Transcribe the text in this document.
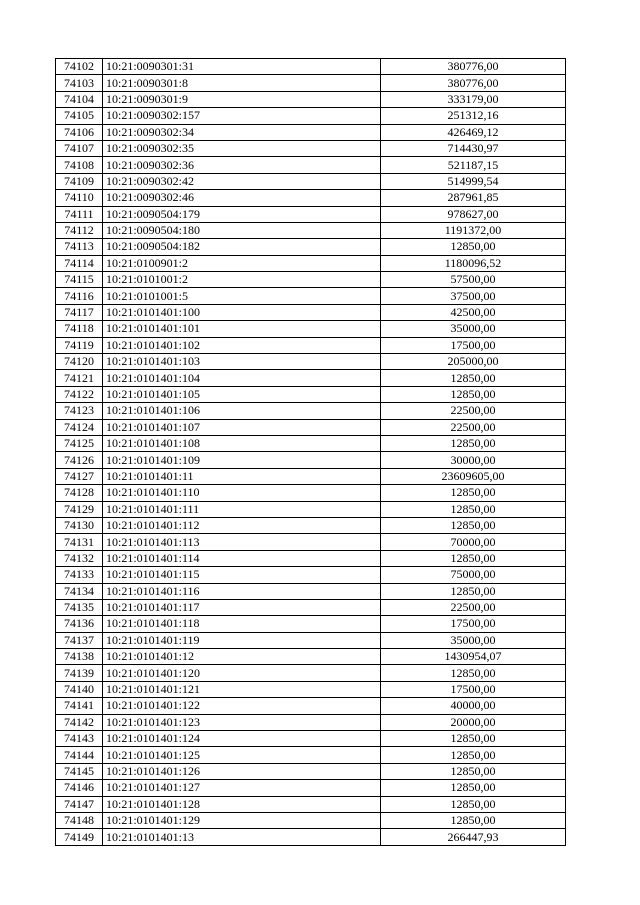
74102	10:21:0090301:31	380776,00
74103	10:21:0090301:8	380776,00
74104	10:21:0090301:9	333179,00
74105	10:21:0090302:157	251312,16
74106	10:21:0090302:34	426469,12
74107	10:21:0090302:35	714430,97
74108	10:21:0090302:36	521187,15
74109	10:21:0090302:42	514999,54
74110	10:21:0090302:46	287961,85
74111	10:21:0090504:179	978627,00
74112	10:21:0090504:180	1191372,00
74113	10:21:0090504:182	12850,00
74114	10:21:0100901:2	1180096,52
74115	10:21:0101001:2	57500,00
74116	10:21:0101001:5	37500,00
74117	10:21:0101401:100	42500,00
74118	10:21:0101401:101	35000,00
74119	10:21:0101401:102	17500,00
74120	10:21:0101401:103	205000,00
74121	10:21:0101401:104	12850,00
74122	10:21:0101401:105	12850,00
74123	10:21:0101401:106	22500,00
74124	10:21:0101401:107	22500,00
74125	10:21:0101401:108	12850,00
74126	10:21:0101401:109	30000,00
74127	10:21:0101401:11	23609605,00
74128	10:21:0101401:110	12850,00
74129	10:21:0101401:111	12850,00
74130	10:21:0101401:112	12850,00
74131	10:21:0101401:113	70000,00
74132	10:21:0101401:114	12850,00
74133	10:21:0101401:115	75000,00
74134	10:21:0101401:116	12850,00
74135	10:21:0101401:117	22500,00
74136	10:21:0101401:118	17500,00
74137	10:21:0101401:119	35000,00
74138	10:21:0101401:12	1430954,07
74139	10:21:0101401:120	12850,00
74140	10:21:0101401:121	17500,00
74141	10:21:0101401:122	40000,00
74142	10:21:0101401:123	20000,00
74143	10:21:0101401:124	12850,00
74144	10:21:0101401:125	12850,00
74145	10:21:0101401:126	12850,00
74146	10:21:0101401:127	12850,00
74147	10:21:0101401:128	12850,00
74148	10:21:0101401:129	12850,00
74149	10:21:0101401:13	266447,93
